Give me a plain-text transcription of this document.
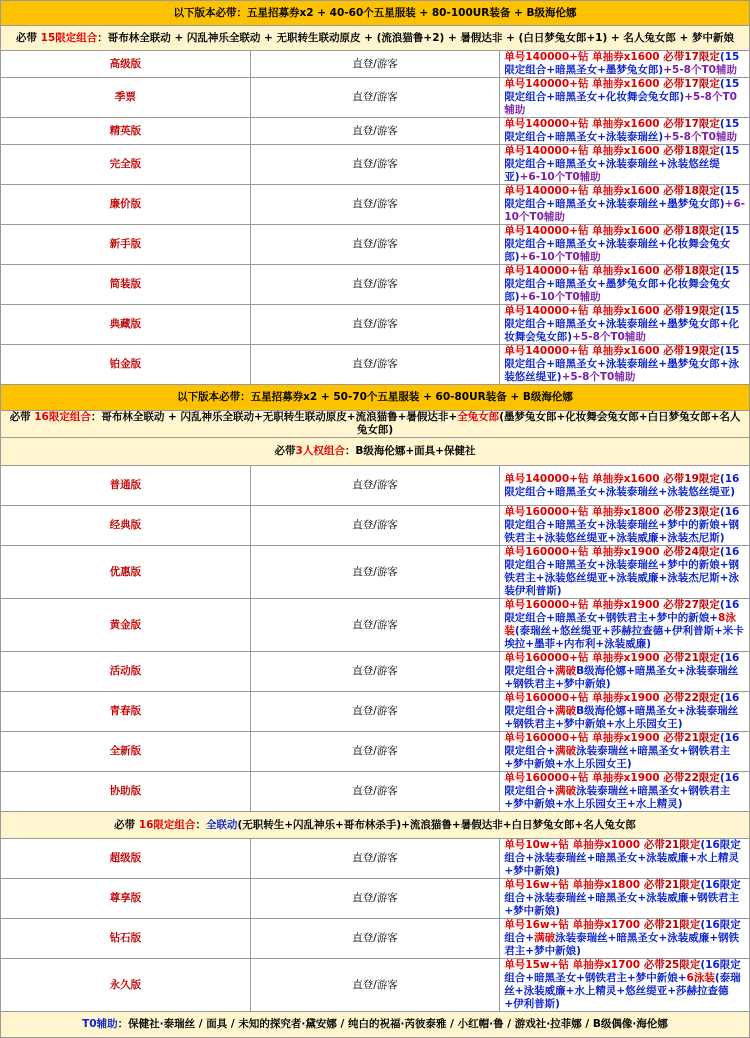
以下版本必带：五星招募券x2 + 40-60个五星服装 + 80-100UR装备 + B级海伦娜		
必带 15限定组合：哥布林全联动 + 闪乱神乐全联动 + 无职转生联动原皮 + (流浪猫鲁+2) + 暑假达非 + (白日梦兔女郎+1) + 名人兔女郎 + 梦中新娘		
高级版	直登/游客	单号140000+钻 单抽券x1600 必带17限定(15限定组合+暗黑圣女+墨梦兔女郎)+5-8个T0辅助
季票	直登/游客	单号140000+钻 单抽券x1600 必带17限定(15限定组合+暗黑圣女+化妆舞会兔女郎)+5-8个T0辅助
精英版	直登/游客	单号140000+钻 单抽券x1600 必带17限定(15限定组合+暗黑圣女+泳装泰瑞丝)+5-8个T0辅助
完全版	直登/游客	单号140000+钻 单抽券x1600 必带18限定(15限定组合+暗黑圣女+泳装泰瑞丝+泳装悠丝缇亚)+6-10个T0辅助
廉价版	直登/游客	单号140000+钻 单抽券x1600 必带18限定(15限定组合+暗黑圣女+泳装泰瑞丝+墨梦兔女郎)+6-10个T0辅助
新手版	直登/游客	单号140000+钻 单抽券x1600 必带18限定(15限定组合+暗黑圣女+泳装泰瑞丝+化妆舞会兔女郎)+6-10个T0辅助
简装版	直登/游客	单号140000+钻 单抽券x1600 必带18限定(15限定组合+暗黑圣女+墨梦兔女郎+化妆舞会兔女郎)+6-10个T0辅助
典藏版	直登/游客	单号140000+钻 单抽券x1600 必带19限定(15限定组合+暗黑圣女+泳装泰瑞丝+墨梦兔女郎+化妆舞会兔女郎)+5-8个T0辅助
铂金版	直登/游客	单号140000+钻 单抽券x1600 必带19限定(15限定组合+暗黑圣女+泳装泰瑞丝+墨梦兔女郎+泳装悠丝缇亚)+5-8个T0辅助
以下版本必带：五星招募券x2 + 50-70个五星服装 + 60-80UR装备 + B级海伦娜		
必带 16限定组合：哥布林全联动 + 闪乱神乐全联动+无职转生联动原皮+流浪猫鲁+暑假达非+全兔女郎(墨梦兔女郎+化妆舞会兔女郎+白日梦兔女郎+名人兔女郎)		
必带3人权组合：B级海伦娜+面具+保健社		
普通版	直登/游客	单号140000+钻 单抽券x1600 必带19限定(16限定组合+暗黑圣女+泳装泰瑞丝+泳装悠丝缇亚)
经典版	直登/游客	单号160000+钻 单抽券x1800 必带23限定(16限定组合+暗黑圣女+泳装泰瑞丝+梦中的新娘+钢铁君主+泳装悠丝缇亚+泳装威廉+泳装杰尼斯)
优惠版	直登/游客	单号160000+钻 单抽券x1900 必带24限定(16限定组合+暗黑圣女+泳装泰瑞丝+梦中的新娘+钢铁君主+泳装悠丝缇亚+泳装威廉+泳装杰尼斯+泳装伊利普斯)
黄金版	直登/游客	单号160000+钻 单抽券x1900 必带27限定(16限定组合+暗黑圣女+钢铁君主+梦中的新娘+8泳装(泰瑞丝+悠丝缇亚+莎赫拉查德+伊利普斯+米卡埃拉+墨菲+内布利+泳装威廉)
活动版	直登/游客	单号160000+钻 单抽券x1900 必带21限定(16限定组合+满破B级海伦娜+暗黑圣女+泳装泰瑞丝+钢铁君主+梦中新娘)
青春版	直登/游客	单号160000+钻 单抽券x1900 必带22限定(16限定组合+满破B级海伦娜+暗黑圣女+泳装泰瑞丝+钢铁君主+梦中新娘+水上乐园女王)
全新版	直登/游客	单号160000+钻 单抽券x1900 必带21限定(16限定组合+满破泳装泰瑞丝+暗黑圣女+钢铁君主+梦中新娘+水上乐园女王)
协助版	直登/游客	单号160000+钻 单抽券x1900 必带22限定(16限定组合+满破泳装泰瑞丝+暗黑圣女+钢铁君主+梦中新娘+水上乐园女王+水上精灵)
必带 16限定组合：全联动(无职转生+闪乱神乐+哥布林杀手)+流浪猫鲁+暑假达非+白日梦兔女郎+名人兔女郎		
超级版	直登/游客	单号10w+钻 单抽券x1000 必带21限定(16限定组合+泳装泰瑞丝+暗黑圣女+泳装威廉+水上精灵+梦中新娘)
尊享版	直登/游客	单号16w+钻 单抽券x1800 必带21限定(16限定组合+泳装泰瑞丝+暗黑圣女+泳装威廉+钢铁君主+梦中新娘)
钻石版	直登/游客	单号16w+钻 单抽券x1700 必带21限定(16限定组合+满破泳装泰瑞丝+暗黑圣女+泳装威廉+钢铁君主+梦中新娘)
永久版	直登/游客	单号15w+钻 单抽券x1700 必带25限定(16限定组合+暗黑圣女+钢铁君主+梦中新娘+6泳装(泰瑞丝+泳装威廉+水上精灵+悠丝缇亚+莎赫拉查德+伊利普斯)
T0辅助：保健社·泰瑞丝 / 面具 / 未知的探究者·黛安娜 / 纯白的祝福·芮彼泰雅 / 小红帽·鲁 / 游戏社·拉菲娜 / B级偶像·海伦娜		
